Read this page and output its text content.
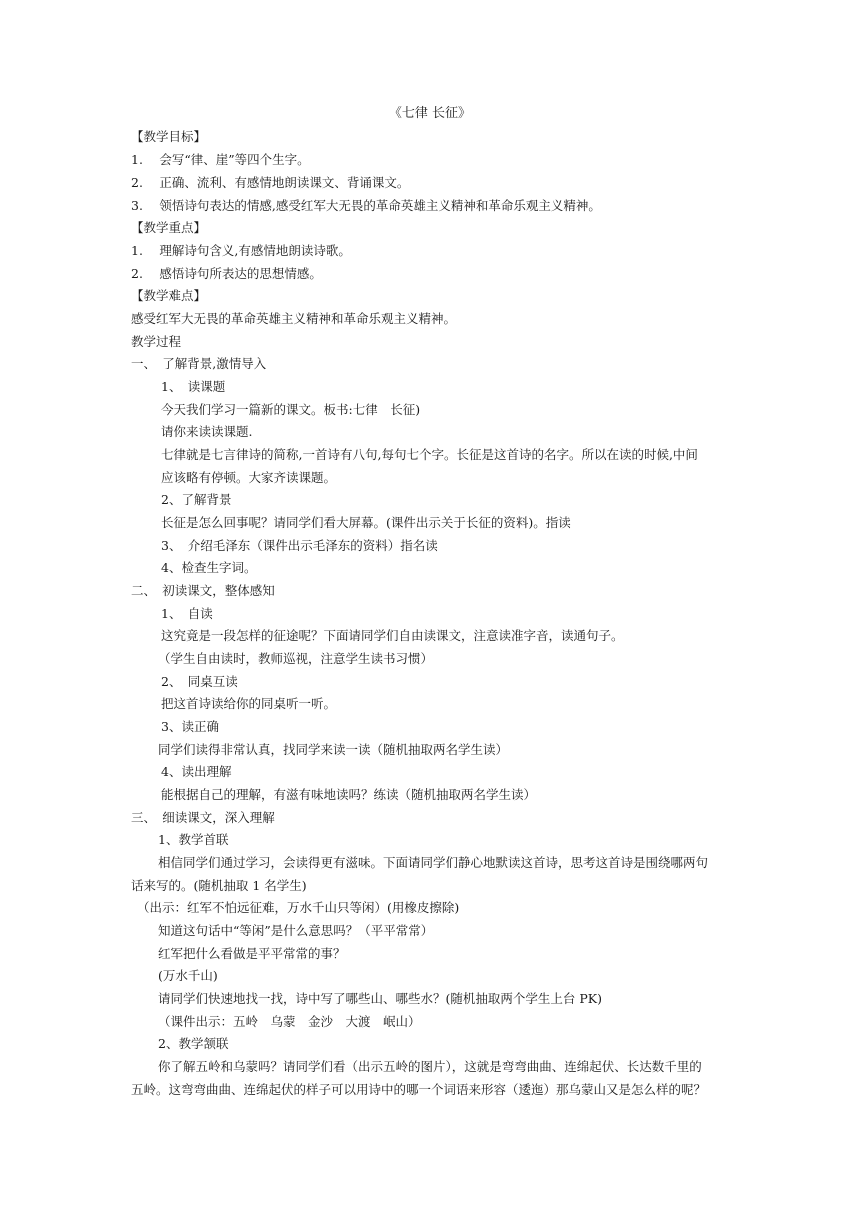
《七律 长征》
【教学目标】
1.　 会写“律、崖”等四个生字。
2.　 正确、流利、有感情地朗读课文、背诵课文。
3.　 领悟诗句表达的情感,感受红军大无畏的革命英雄主义精神和革命乐观主义精神。
【教学重点】
1.　 理解诗句含义,有感情地朗读诗歌。
2.　 感悟诗句所表达的思想情感。
【教学难点】
感受红军大无畏的革命英雄主义精神和革命乐观主义精神。
教学过程
一、　了解背景,激情导入
1、　读课题
今天我们学习一篇新的课文。板书:七律　长征)
请你来读读课题.
七律就是七言律诗的简称,一首诗有八句,每句七个字。长征是这首诗的名字。所以在读的时候,中间
应该略有停顿。大家齐读课题。
2、了解背景
长征是怎么回事呢？请同学们看大屏幕。(课件出示关于长征的资料)。指读
3、　介绍毛泽东（课件出示毛泽东的资料）指名读
4、检查生字词。
二、　初读课文，整体感知
1、　自读
这究竟是一段怎样的征途呢？下面请同学们自由读课文，注意读准字音，读通句子。
（学生自由读时，教师巡视，注意学生读书习惯）
2、　同桌互读
把这首诗读给你的同桌听一听。
3、读正确
同学们读得非常认真，找同学来读一读（随机抽取两名学生读）
4、读出理解
能根据自己的理解，有滋有味地读吗？练读（随机抽取两名学生读）
三、　细读课文，深入理解
1、教学首联
相信同学们通过学习，会读得更有滋味。下面请同学们静心地默读这首诗，思考这首诗是围绕哪两句
话来写的。(随机抽取 1 名学生)
（出示：红军不怕远征难，万水千山只等闲）(用橡皮擦除)
知道这句话中“等闲”是什么意思吗？（平平常常）
红军把什么看做是平平常常的事？
(万水千山)
请同学们快速地找一找，诗中写了哪些山、哪些水？(随机抽取两个学生上台 PK)
（课件出示：五岭　乌蒙　金沙　大渡　岷山）
2、教学颔联
你了解五岭和乌蒙吗？请同学们看（出示五岭的图片），这就是弯弯曲曲、连绵起伏、长达数千里的
五岭。这弯弯曲曲、连绵起伏的样子可以用诗中的哪一个词语来形容（逶迤）那乌蒙山又是怎么样的呢？
